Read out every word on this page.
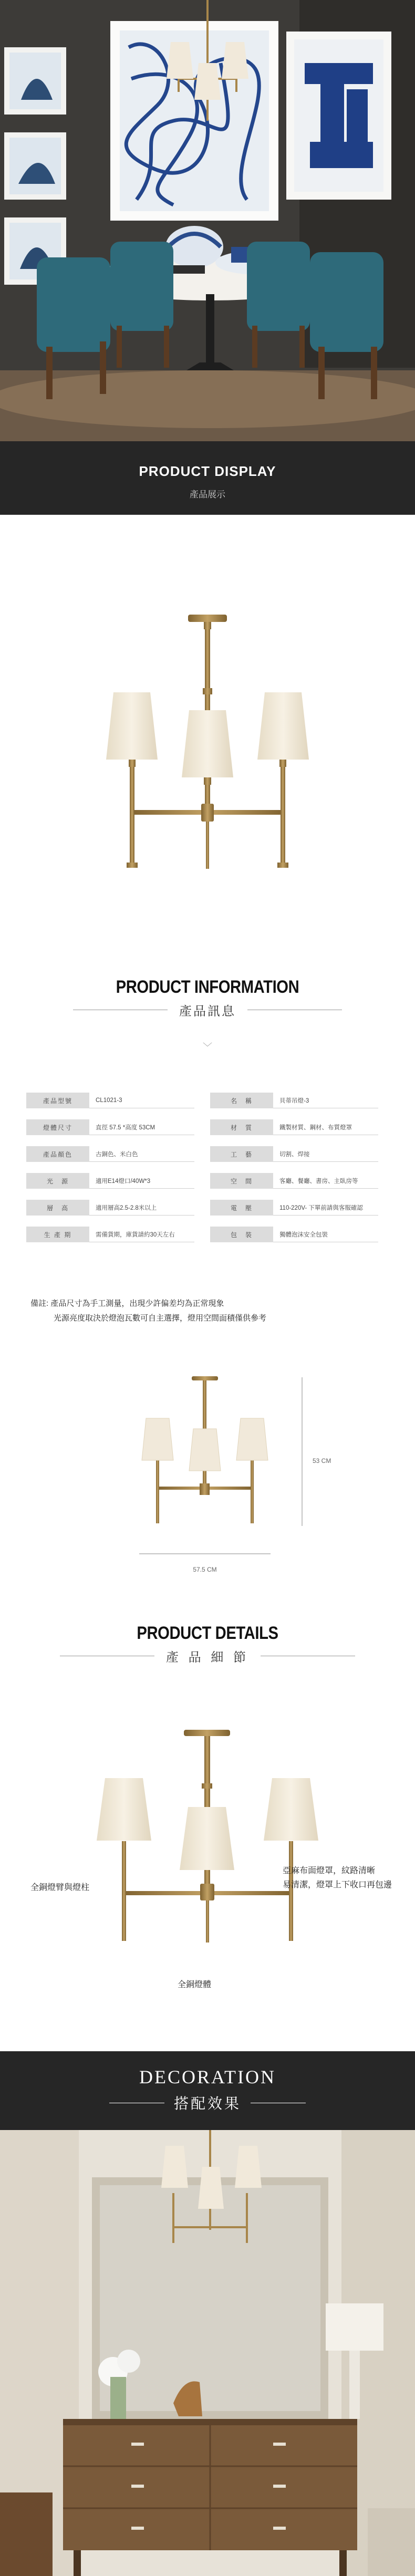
PRODUCT DISPLAY
產品展示
PRODUCT INFORMATION
產品訊息
﹀
產品型號	CL1021-3	名　稱	貝蒂吊燈-3
燈體尺寸	直徑 57.5 *高度 53CM	材　質	鐵製材質、鋼材、布質燈罩
產品顏色	古銅色、米白色	工　藝	切割、焊接
光　源	適用E14燈口/40W*3	空　間	客廳、餐廳、書房、主臥房等
層　高	適用層高2.5-2.8米以上	電　壓	110-220V- 下單前請與客服確認
生 產 期	需備貨期，庫貨請約30天左右	包　裝	獨體泡沫安全包裝
備註: 產品尺寸為手工測量，出現少許偏差均為正常現象
光源亮度取決於燈泡瓦數可自主選擇，燈用空間面積僅供參考
53 CM
57.5 CM
PRODUCT DETAILS
產 品 細 節
全銅燈臂與燈柱
亞麻布面燈罩，紋路清晰
易清潔，燈罩上下收口再包邊
全銅燈體
DECORATION
搭配效果
